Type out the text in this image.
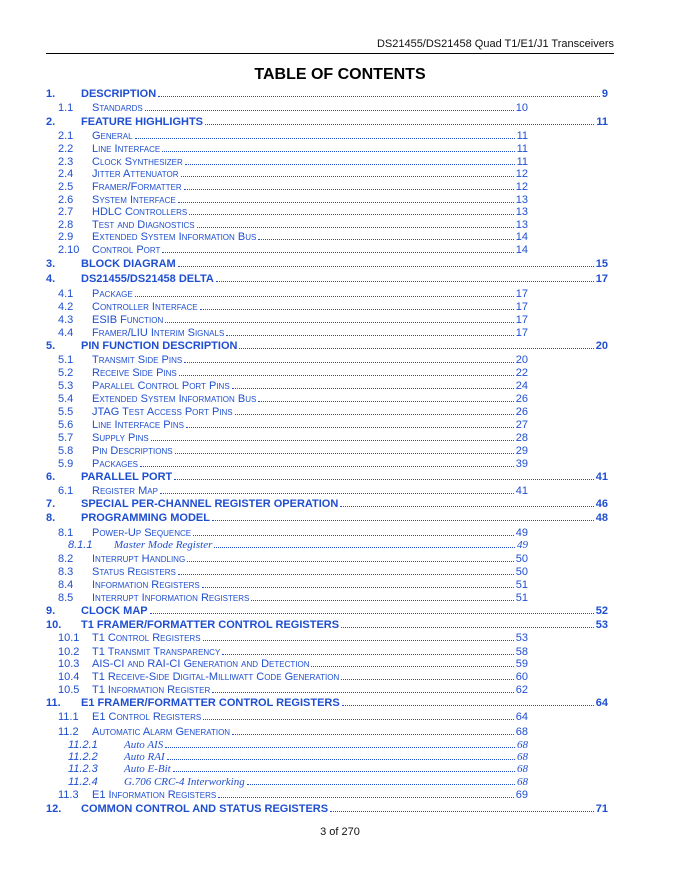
DS21455/DS21458 Quad T1/E1/J1 Transceivers
TABLE OF CONTENTS
1. DESCRIPTION	9
1.1 Standards	10
2. FEATURE HIGHLIGHTS	11
2.1 General	11
2.2 Line Interface	11
2.3 Clock Synthesizer	11
2.4 Jitter Attenuator	12
2.5 Framer/Formatter	12
2.6 System Interface	13
2.7 HDLC Controllers	13
2.8 Test and Diagnostics	13
2.9 Extended System Information Bus	14
2.10 Control Port	14
3. BLOCK DIAGRAM	15
4. DS21455/DS21458 DELTA	17
4.1 Package	17
4.2 Controller Interface	17
4.3 ESIB Function	17
4.4 Framer/LIU Interim Signals	17
5. PIN FUNCTION DESCRIPTION	20
5.1 Transmit Side Pins	20
5.2 Receive Side Pins	22
5.3 Parallel Control Port Pins	24
5.4 Extended System Information Bus	26
5.5 JTAG Test Access Port Pins	26
5.6 Line Interface Pins	27
5.7 Supply Pins	28
5.8 Pin Descriptions	29
5.9 Packages	39
6. PARALLEL PORT	41
6.1 Register Map	41
7. SPECIAL PER-CHANNEL REGISTER OPERATION	46
8. PROGRAMMING MODEL	48
8.1 Power-Up Sequence	49
8.1.1 Master Mode Register	49
8.2 Interrupt Handling	50
8.3 Status Registers	50
8.4 Information Registers	51
8.5 Interrupt Information Registers	51
9. CLOCK MAP	52
10. T1 FRAMER/FORMATTER CONTROL REGISTERS	53
10.1 T1 Control Registers	53
10.2 T1 Transmit Transparency	58
10.3 AIS-CI and RAI-CI Generation and Detection	59
10.4 T1 Receive-Side Digital-Milliwatt Code Generation	60
10.5 T1 Information Register	62
11. E1 FRAMER/FORMATTER CONTROL REGISTERS	64
11.1 E1 Control Registers	64
11.2 Automatic Alarm Generation	68
11.2.1 Auto AIS	68
11.2.2 Auto RAI	68
11.2.3 Auto E-Bit	68
11.2.4 G.706 CRC-4 Interworking	68
11.3 E1 Information Registers	69
12. COMMON CONTROL AND STATUS REGISTERS	71
3 of 270
